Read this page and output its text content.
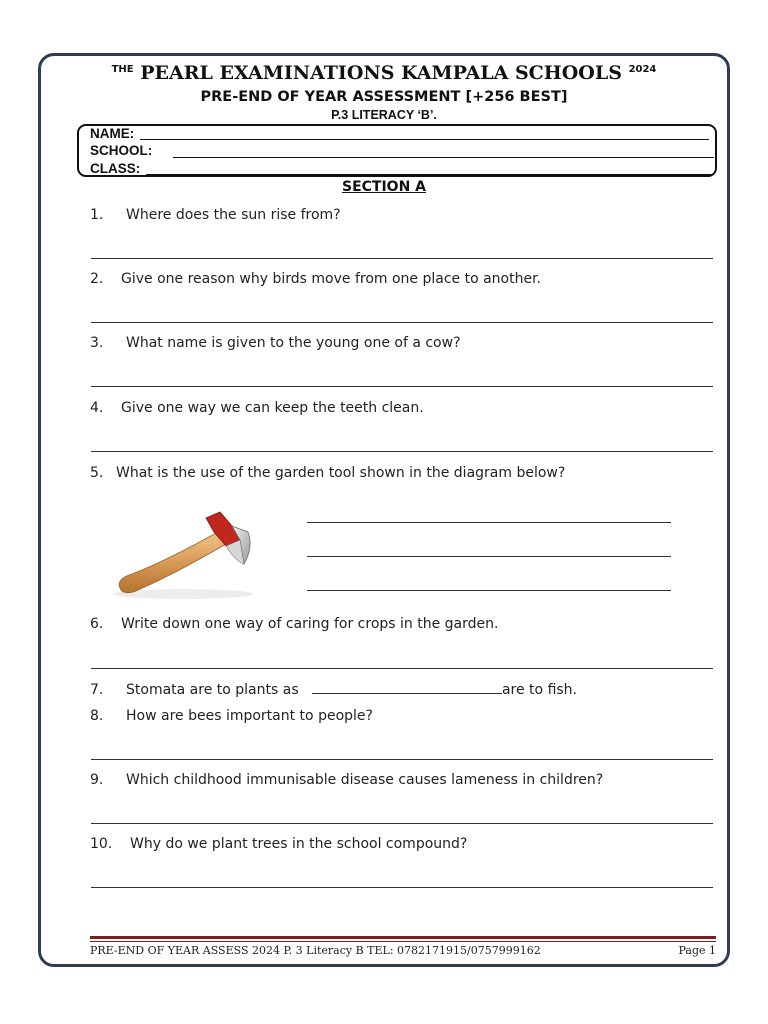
$^{THE}$ PEARL EXAMINATIONS KAMPALA SCHOOLS $^{2024}$
PRE-END OF YEAR ASSESSMENT [+256 BEST]
P.3 LITERACY ‘B’.
NAME:
SCHOOL:
CLASS:
SECTION A
1. Where does the sun rise from?
2. Give one reason why birds move from one place to another.
3. What name is given to the young one of a cow?
4. Give one way we can keep the teeth clean.
5. What is the use of the garden tool shown in the diagram below?
6. Write down one way of caring for crops in the garden.
7. Stomata are to plants as	are to fish.
8. How are bees important to people?
9. Which childhood immunisable disease causes lameness in children?
10. Why do we plant trees in the school compound?
PRE-END OF YEAR ASSESS 2024 P. 3 Literacy B TEL: 0782171915/0757999162	Page 1
